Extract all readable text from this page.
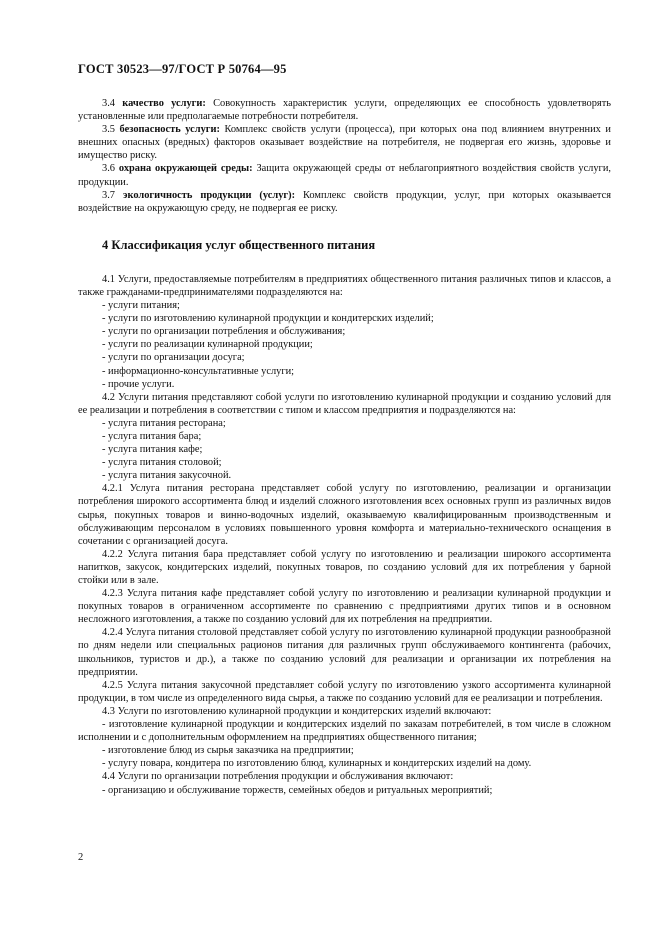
ГОСТ 30523—97/ГОСТ Р 50764—95

3.4 качество услуги: Совокупность характеристик услуги, определяющих ее способность удовлетворять установленные или предполагаемые потребности потребителя.

3.5 безопасность услуги: Комплекс свойств услуги (процесса), при которых она под влиянием внутренних и внешних опасных (вредных) факторов оказывает воздействие на потребителя, не подвергая его жизнь, здоровье и имущество риску.

3.6 охрана окружающей среды: Защита окружающей среды от неблагоприятного воздействия свойств услуги, продукции.

3.7 экологичность продукции (услуг): Комплекс свойств продукции, услуг, при которых оказывается воздействие на окружающую среду, не подвергая ее риску.

4 Классификация услуг общественного питания

4.1 Услуги, предоставляемые потребителям в предприятиях общественного питания различных типов и классов, а также гражданами-предпринимателями подразделяются на:

- услуги питания;

- услуги по изготовлению кулинарной продукции и кондитерских изделий;

- услуги по организации потребления и обслуживания;

- услуги по реализации кулинарной продукции;

- услуги по организации досуга;

- информационно-консультативные услуги;

- прочие услуги.

4.2 Услуги питания представляют собой услуги по изготовлению кулинарной продукции и созданию условий для ее реализации и потребления в соответствии с типом и классом предприятия и подразделяются на:

- услуга питания ресторана;

- услуга питания бара;

- услуга питания кафе;

- услуга питания столовой;

- услуга питания закусочной.

4.2.1 Услуга питания ресторана представляет собой услугу по изготовлению, реализации и организации потребления широкого ассортимента блюд и изделий сложного изготовления всех основных групп из различных видов сырья, покупных товаров и винно-водочных изделий, оказываемую квалифицированным производственным и обслуживающим персоналом в условиях повышенного уровня комфорта и материально-технического оснащения в сочетании с организацией досуга.

4.2.2 Услуга питания бара представляет собой услугу по изготовлению и реализации широкого ассортимента напитков, закусок, кондитерских изделий, покупных товаров, по созданию условий для их потребления у барной стойки или в зале.

4.2.3 Услуга питания кафе представляет собой услугу по изготовлению и реализации кулинарной продукции и покупных товаров в ограниченном ассортименте по сравнению с предприятиями других типов и в основном несложного изготовления, а также по созданию условий для их потребления на предприятии.

4.2.4 Услуга питания столовой представляет собой услугу по изготовлению кулинарной продукции разнообразной по дням недели или специальных рационов питания для различных групп обслуживаемого контингента (рабочих, школьников, туристов и др.), а также по созданию условий для реализации и организации их потребления на предприятии.

4.2.5 Услуга питания закусочной представляет собой услугу по изготовлению узкого ассортимента кулинарной продукции, в том числе из определенного вида сырья, а также по созданию условий для ее реализации и потребления.

4.3 Услуги по изготовлению кулинарной продукции и кондитерских изделий включают:

- изготовление кулинарной продукции и кондитерских изделий по заказам потребителей, в том числе в сложном исполнении и с дополнительным оформлением на предприятиях общественного питания;

- изготовление блюд из сырья заказчика на предприятии;

- услугу повара, кондитера по изготовлению блюд, кулинарных и кондитерских изделий на дому.

4.4 Услуги по организации потребления продукции и обслуживания включают:

- организацию и обслуживание торжеств, семейных обедов и ритуальных мероприятий;

2
